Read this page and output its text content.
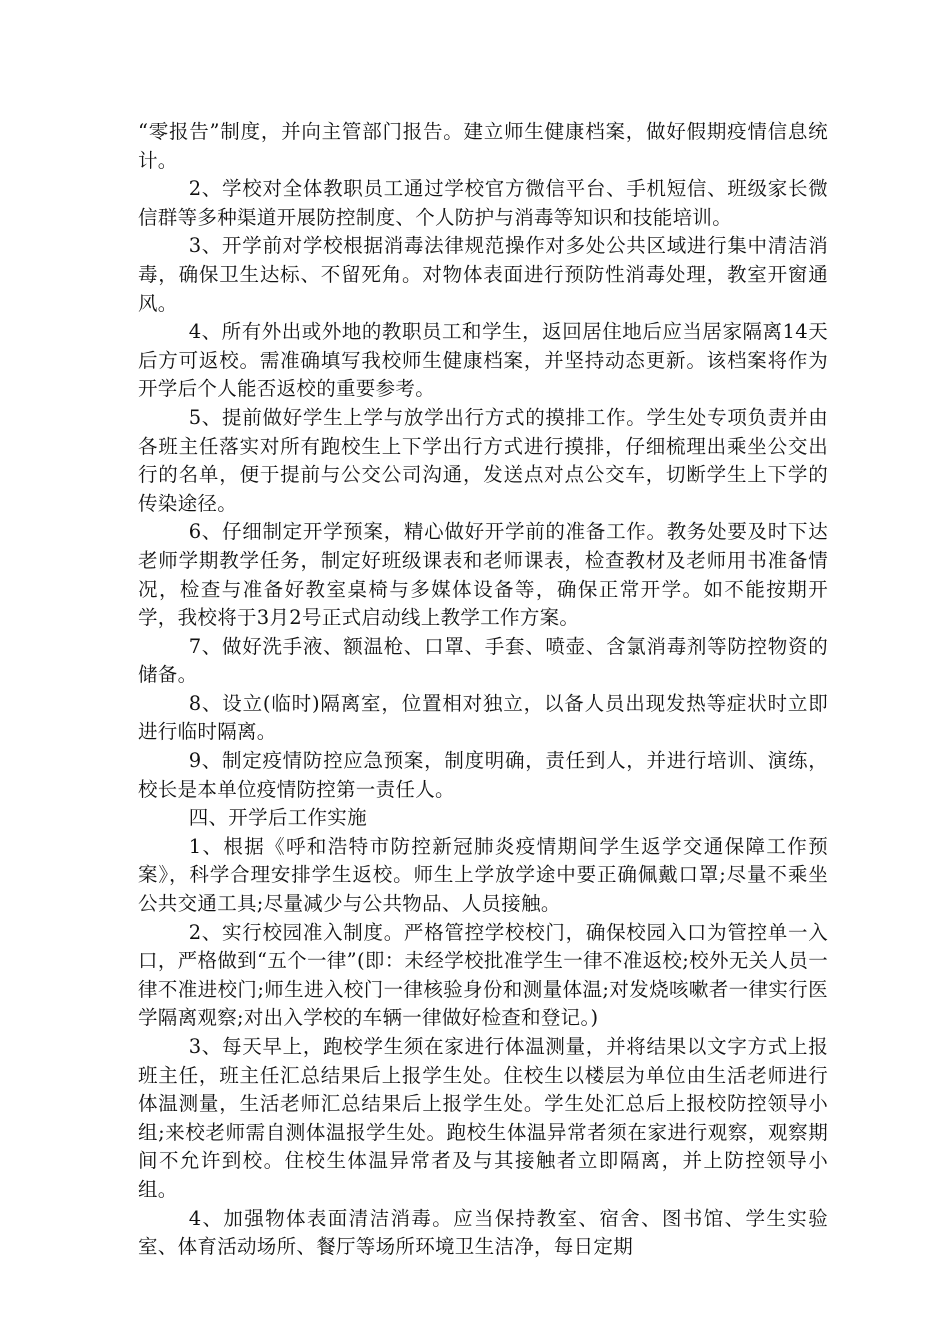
“零报告”制度，并向主管部门报告。建立师生健康档案，做好假期疫情信息统计。

2、学校对全体教职员工通过学校官方微信平台、手机短信、班级家长微信群等多种渠道开展防控制度、个人防护与消毒等知识和技能培训。

3、开学前对学校根据消毒法律规范操作对多处公共区域进行集中清洁消毒，确保卫生达标、不留死角。对物体表面进行预防性消毒处理，教室开窗通风。

4、所有外出或外地的教职员工和学生，返回居住地后应当居家隔离14天后方可返校。需准确填写我校师生健康档案，并坚持动态更新。该档案将作为开学后个人能否返校的重要参考。

5、提前做好学生上学与放学出行方式的摸排工作。学生处专项负责并由各班主任落实对所有跑校生上下学出行方式进行摸排，仔细梳理出乘坐公交出行的名单，便于提前与公交公司沟通，发送点对点公交车，切断学生上下学的传染途径。

6、仔细制定开学预案，精心做好开学前的准备工作。教务处要及时下达老师学期教学任务，制定好班级课表和老师课表，检查教材及老师用书准备情况，检查与准备好教室桌椅与多媒体设备等，确保正常开学。如不能按期开学，我校将于3月2号正式启动线上教学工作方案。

7、做好洗手液、额温枪、口罩、手套、喷壶、含氯消毒剂等防控物资的储备。

8、设立(临时)隔离室，位置相对独立，以备人员出现发热等症状时立即进行临时隔离。

9、制定疫情防控应急预案，制度明确，责任到人，并进行培训、演练，校长是本单位疫情防控第一责任人。

四、开学后工作实施

1、根据《呼和浩特市防控新冠肺炎疫情期间学生返学交通保障工作预案》，科学合理安排学生返校。师生上学放学途中要正确佩戴口罩;尽量不乘坐公共交通工具;尽量减少与公共物品、人员接触。

2、实行校园准入制度。严格管控学校校门，确保校园入口为管控单一入口，严格做到“五个一律”(即：未经学校批准学生一律不准返校;校外无关人员一律不准进校门;师生进入校门一律核验身份和测量体温;对发烧咳嗽者一律实行医学隔离观察;对出入学校的车辆一律做好检查和登记。)

3、每天早上，跑校学生须在家进行体温测量，并将结果以文字方式上报班主任，班主任汇总结果后上报学生处。住校生以楼层为单位由生活老师进行体温测量，生活老师汇总结果后上报学生处。学生处汇总后上报校防控领导小组;来校老师需自测体温报学生处。跑校生体温异常者须在家进行观察，观察期间不允许到校。住校生体温异常者及与其接触者立即隔离，并上防控领导小组。

4、加强物体表面清洁消毒。应当保持教室、宿舍、图书馆、学生实验室、体育活动场所、餐厅等场所环境卫生洁净，每日定期
